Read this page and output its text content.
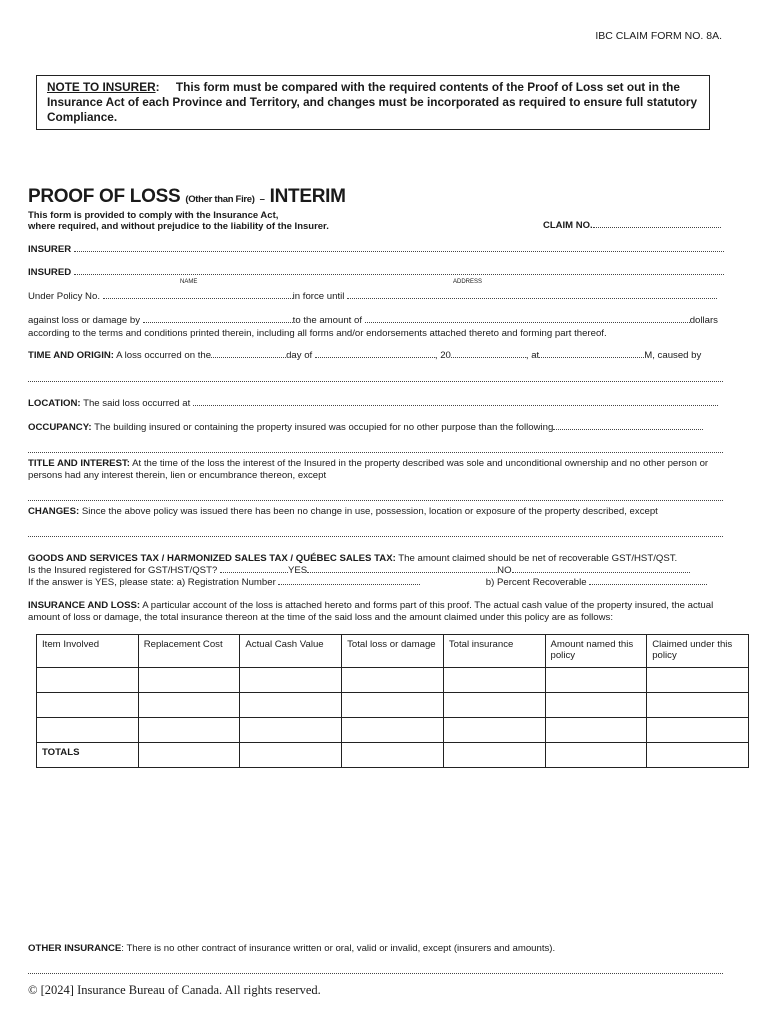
IBC CLAIM FORM NO. 8A.
NOTE TO INSURER: This form must be compared with the required contents of the Proof of Loss set out in the Insurance Act of each Province and Territory, and changes must be incorporated as required to ensure full statutory Compliance.
PROOF OF LOSS (Other than Fire) – INTERIM
This form is provided to comply with the Insurance Act,
where required, and without prejudice to the liability of the Insurer.	CLAIM NO.
INSURER
INSURED
NAME	ADDRESS
Under Policy No.	in force until
against loss or damage by	to the amount of	dollars
according to the terms and conditions printed therein, including all forms and/or endorsements attached thereto and forming part thereof.
TIME AND ORIGIN: A loss occurred on the	day of	, 20	, at	M, caused by
LOCATION: The said loss occurred at
OCCUPANCY: The building insured or containing the property insured was occupied for no other purpose than the following
TITLE AND INTEREST: At the time of the loss the interest of the Insured in the property described was sole and unconditional ownership and no other person or
persons had any interest therein, lien or encumbrance thereon, except
CHANGES: Since the above policy was issued there has been no change in use, possession, location or exposure of the property described, except
GOODS AND SERVICES TAX / HARMONIZED SALES TAX / QUÉBEC SALES TAX: The amount claimed should be net of recoverable GST/HST/QST.
Is the Insured registered for GST/HST/QST?	YES	NO
If the answer is YES, please state: a) Registration Number	b) Percent Recoverable
INSURANCE AND LOSS: A particular account of the loss is attached hereto and forms part of this proof. The actual cash value of the property insured, the actual
amount of loss or damage, the total insurance thereon at the time of the said loss and the amount claimed under this policy are as follows:
Item Involved	Replacement Cost	Actual Cash Value	Total loss or damage	Total insurance	Amount named this policy	Claimed under this policy

TOTALS						
OTHER INSURANCE: There is no other contract of insurance written or oral, valid or invalid, except (insurers and amounts).
© [2024] Insurance Bureau of Canada. All rights reserved.
